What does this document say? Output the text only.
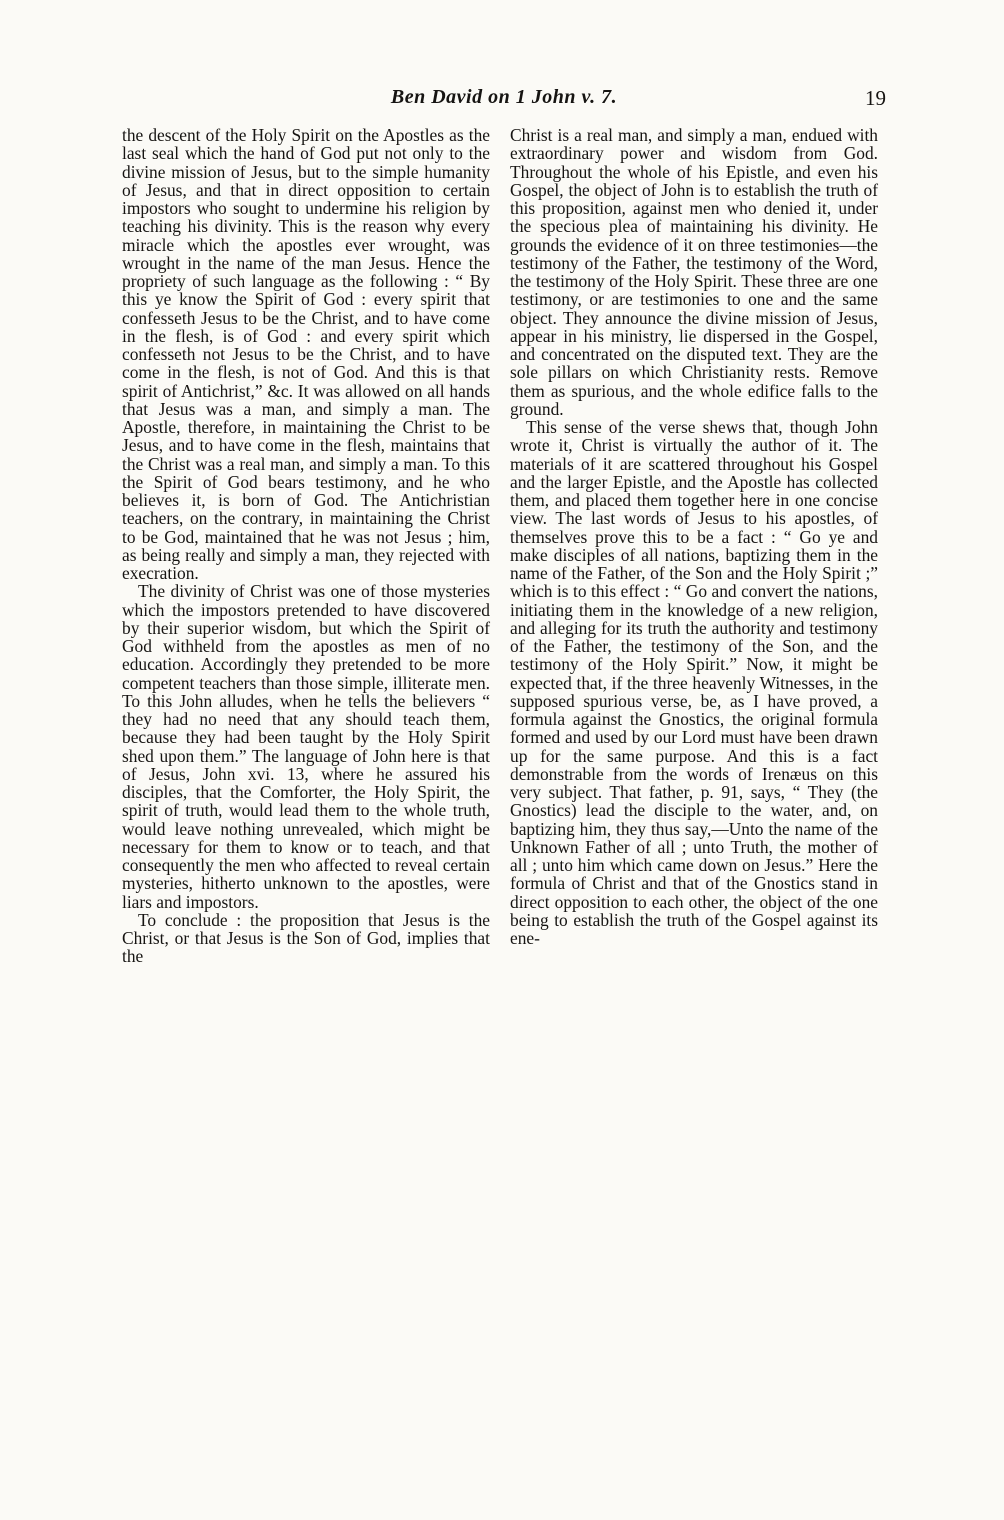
Ben David on 1 John v. 7.	19

the descent of the Holy Spirit on the Apostles as the last seal which the hand of God put not only to the divine mission of Jesus, but to the simple humanity of Jesus, and that in direct opposition to certain impostors who sought to undermine his religion by teaching his divinity. This is the reason why every miracle which the apostles ever wrought, was wrought in the name of the man Jesus. Hence the propriety of such language as the following : “ By this ye know the Spirit of God : every spirit that confesseth Jesus to be the Christ, and to have come in the flesh, is of God : and every spirit which confesseth not Jesus to be the Christ, and to have come in the flesh, is not of God. And this is that spirit of Antichrist,” &c. It was allowed on all hands that Jesus was a man, and simply a man. The Apostle, therefore, in maintaining the Christ to be Jesus, and to have come in the flesh, maintains that the Christ was a real man, and simply a man. To this the Spirit of God bears testimony, and he who believes it, is born of God. The Antichristian teachers, on the contrary, in maintaining the Christ to be God, maintained that he was not Jesus ; him, as being really and simply a man, they rejected with execration.

The divinity of Christ was one of those mysteries which the impostors pretended to have discovered by their superior wisdom, but which the Spirit of God withheld from the apostles as men of no education. Accordingly they pretended to be more competent teachers than those simple, illiterate men. To this John alludes, when he tells the believers “ they had no need that any should teach them, because they had been taught by the Holy Spirit shed upon them.” The language of John here is that of Jesus, John xvi. 13, where he assured his disciples, that the Comforter, the Holy Spirit, the spirit of truth, would lead them to the whole truth, would leave nothing unrevealed, which might be necessary for them to know or to teach, and that consequently the men who affected to reveal certain mysteries, hitherto unknown to the apostles, were liars and impostors.

To conclude : the proposition that Jesus is the Christ, or that Jesus is the Son of God, implies that the

Christ is a real man, and simply a man, endued with extraordinary power and wisdom from God. Throughout the whole of his Epistle, and even his Gospel, the object of John is to establish the truth of this proposition, against men who denied it, under the specious plea of maintaining his divinity. He grounds the evidence of it on three testimonies—the testimony of the Father, the testimony of the Word, the testimony of the Holy Spirit. These three are one testimony, or are testimonies to one and the same object. They announce the divine mission of Jesus, appear in his ministry, lie dispersed in the Gospel, and concentrated on the disputed text. They are the sole pillars on which Christianity rests. Remove them as spurious, and the whole edifice falls to the ground.

This sense of the verse shews that, though John wrote it, Christ is virtually the author of it. The materials of it are scattered throughout his Gospel and the larger Epistle, and the Apostle has collected them, and placed them together here in one concise view. The last words of Jesus to his apostles, of themselves prove this to be a fact : “ Go ye and make disciples of all nations, baptizing them in the name of the Father, of the Son and the Holy Spirit ;” which is to this effect : “ Go and convert the nations, initiating them in the knowledge of a new religion, and alleging for its truth the authority and testimony of the Father, the testimony of the Son, and the testimony of the Holy Spirit.” Now, it might be expected that, if the three heavenly Witnesses, in the supposed spurious verse, be, as I have proved, a formula against the Gnostics, the original formula formed and used by our Lord must have been drawn up for the same purpose. And this is a fact demonstrable from the words of Irenæus on this very subject. That father, p. 91, says, “ They (the Gnostics) lead the disciple to the water, and, on baptizing him, they thus say,—Unto the name of the Unknown Father of all ; unto Truth, the mother of all ; unto him which came down on Jesus.” Here the formula of Christ and that of the Gnostics stand in direct opposition to each other, the object of the one being to establish the truth of the Gospel against its ene-
